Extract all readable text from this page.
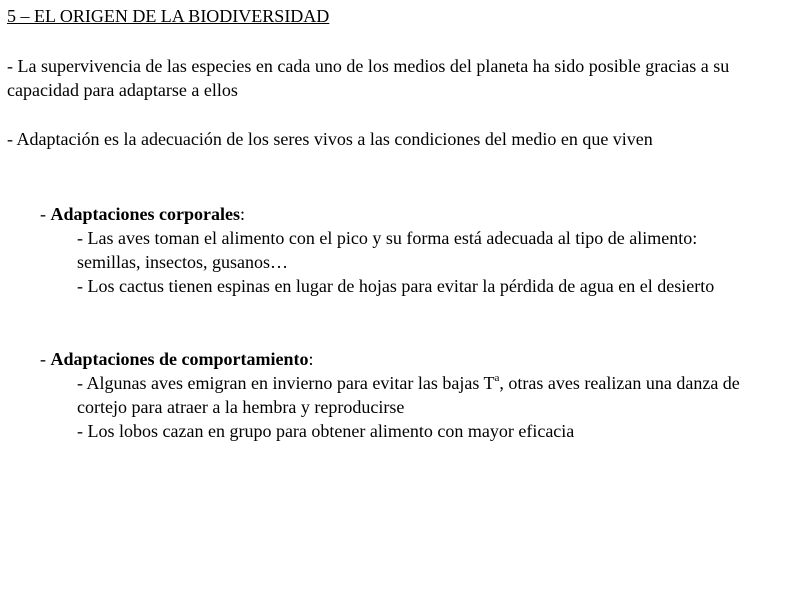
5 – EL ORIGEN DE LA BIODIVERSIDAD

- La supervivencia de las especies en cada uno de los medios del planeta ha sido posible gracias a su capacidad para adaptarse a ellos

- Adaptación es la adecuación de los seres vivos a las condiciones del medio en que viven

- Adaptaciones corporales:
- Las aves toman el alimento con el pico y su forma está adecuada al tipo de alimento: semillas, insectos, gusanos…
- Los cactus tienen espinas en lugar de hojas para evitar la pérdida de agua en el desierto
- Adaptaciones de comportamiento:
- Algunas aves emigran en invierno para evitar las bajas $T^a$, otras aves realizan una danza de cortejo para atraer a la hembra y reproducirse
- Los lobos cazan en grupo para obtener alimento con mayor eficacia
